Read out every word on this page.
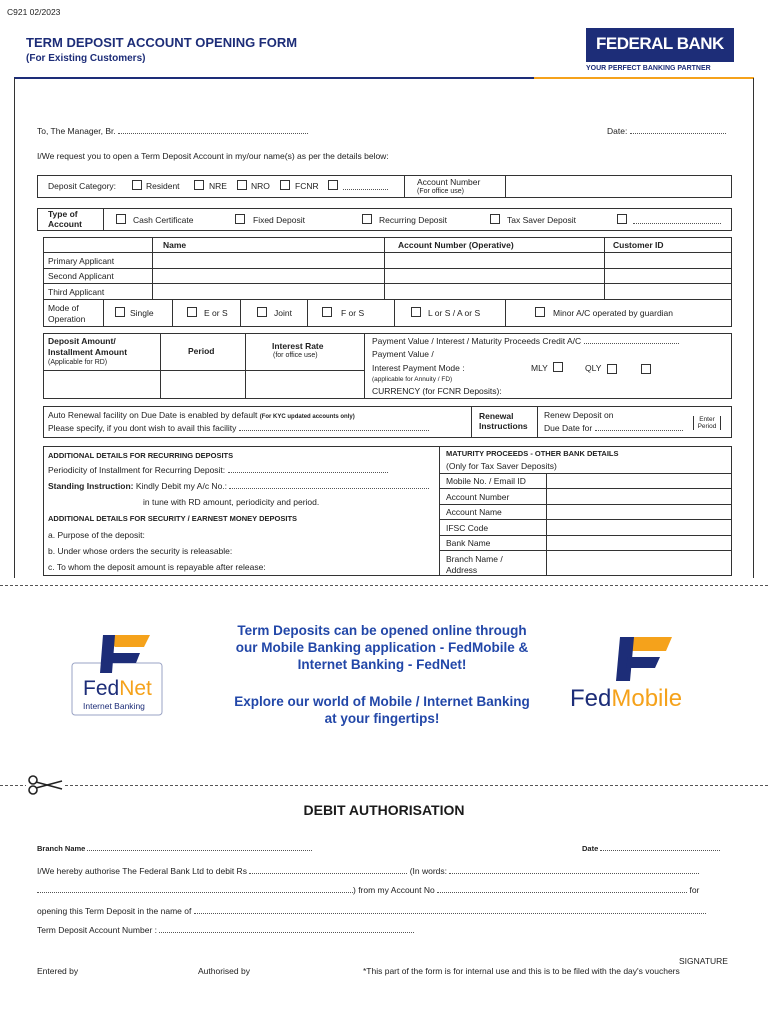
C921 02/2023
TERM DEPOSIT ACCOUNT OPENING FORM
(For Existing Customers)
FEDERAL BANK
YOUR PERFECT BANKING PARTNER
To, The Manager, Br.	Date:
I/We request you to open a Term Deposit Account in my/our name(s) as per the details below:
Deposit Category:	Resident	NRE	NRO	FCNR	Account Number
(For office use)
Type of
Account	Cash Certificate	Fixed Deposit	Recurring Deposit	Tax Saver Deposit
Name	Account Number (Operative)	Customer ID
Primary Applicant
Second Applicant
Third Applicant
Mode of
Operation
Single	E or S	Joint	F or S	L or S / A or S	Minor A/C operated by guardian
Deposit Amount/
Installment Amount
(Applicable for RD)
Period	Interest Rate
(for office use)
Payment Value / Interest / Maturity Proceeds Credit A/C
Payment Value /
Interest Payment Mode :	MLY	QLY
(applicable for Annuity / FD)
CURRENCY (for FCNR Deposits):
Auto Renewal facility on Due Date is enabled by default (For KYC updated accounts only)
Please specify, if you dont wish to avail this facility
Renewal
Instructions
Renew Deposit on
Due Date for
Enter
Period
ADDITIONAL DETAILS FOR RECURRING DEPOSITS
Periodicity of Installment for Recurring Deposit:
Standing Instruction: Kindly Debit my A/c No.:
in tune with RD amount, periodicity and period.
ADDITIONAL DETAILS FOR SECURITY / EARNEST MONEY DEPOSITS
a. Purpose of the deposit:
b. Under whose orders the security is releasable:
c. To whom the deposit amount is repayable after release:
MATURITY PROCEEDS - OTHER BANK DETAILS
(Only for Tax Saver Deposits)
Mobile No. / Email ID
Account Number
Account Name
IFSC Code
Bank Name
Branch Name /
Address
FedNet
Internet Banking
Term Deposits can be opened online through
our Mobile Banking application - FedMobile &
Internet Banking - FedNet!
Explore our world of Mobile / Internet Banking
at your fingertips!
FedMobile
DEBIT AUTHORISATION
Branch Name	Date
I/We hereby authorise The Federal Bank Ltd to debit Rs	(In words:
) from my Account No	for
opening this Term Deposit in the name of
Term Deposit Account Number :
SIGNATURE
Entered by	Authorised by	*This part of the form is for internal use and this is to be filed with the day's vouchers
